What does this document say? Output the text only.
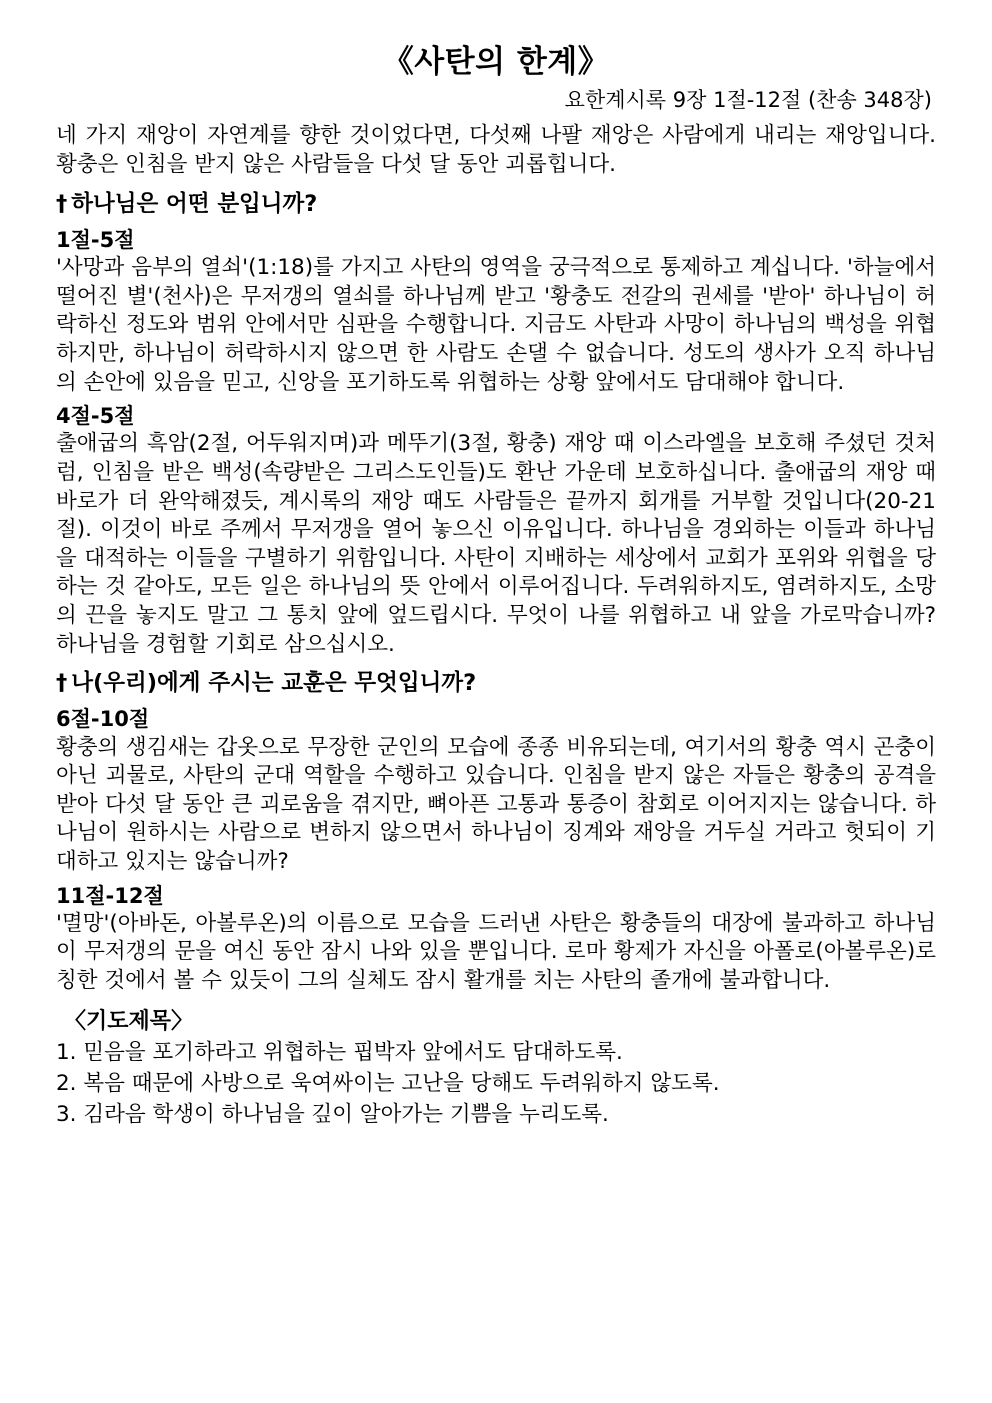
《사탄의 한계》
요한계시록 9장 1절-12절 (찬송 348장)

네 가지 재앙이 자연계를 향한 것이었다면, 다섯째 나팔 재앙은 사람에게 내리는 재앙입니다. 황충은 인침을 받지 않은 사람들을 다섯 달 동안 괴롭힙니다.

† 하나님은 어떤 분입니까?
1절-5절

'사망과 음부의 열쇠'(1:18)를 가지고 사탄의 영역을 궁극적으로 통제하고 계십니다. '하늘에서 떨어진 별'(천사)은 무저갱의 열쇠를 하나님께 받고 '황충도 전갈의 권세를 '받아' 하나님이 허락하신 정도와 범위 안에서만 심판을 수행합니다. 지금도 사탄과 사망이 하나님의 백성을 위협하지만, 하나님이 허락하시지 않으면 한 사람도 손댈 수 없습니다. 성도의 생사가 오직 하나님의 손안에 있음을 믿고, 신앙을 포기하도록 위협하는 상황 앞에서도 담대해야 합니다.

4절-5절

출애굽의 흑암(2절, 어두워지며)과 메뚜기(3절, 황충) 재앙 때 이스라엘을 보호해 주셨던 것처럼, 인침을 받은 백성(속량받은 그리스도인들)도 환난 가운데 보호하십니다. 출애굽의 재앙 때 바로가 더 완악해졌듯, 계시록의 재앙 때도 사람들은 끝까지 회개를 거부할 것입니다(20-21절). 이것이 바로 주께서 무저갱을 열어 놓으신 이유입니다. 하나님을 경외하는 이들과 하나님을 대적하는 이들을 구별하기 위함입니다. 사탄이 지배하는 세상에서 교회가 포위와 위협을 당하는 것 같아도, 모든 일은 하나님의 뜻 안에서 이루어집니다. 두려워하지도, 염려하지도, 소망의 끈을 놓지도 말고 그 통치 앞에 엎드립시다. 무엇이 나를 위협하고 내 앞을 가로막습니까? 하나님을 경험할 기회로 삼으십시오.

† 나(우리)에게 주시는 교훈은 무엇입니까?
6절-10절

황충의 생김새는 갑옷으로 무장한 군인의 모습에 종종 비유되는데, 여기서의 황충 역시 곤충이 아닌 괴물로, 사탄의 군대 역할을 수행하고 있습니다. 인침을 받지 않은 자들은 황충의 공격을 받아 다섯 달 동안 큰 괴로움을 겪지만, 뼈아픈 고통과 통증이 참회로 이어지지는 않습니다. 하나님이 원하시는 사람으로 변하지 않으면서 하나님이 징계와 재앙을 거두실 거라고 헛되이 기대하고 있지는 않습니까?

11절-12절

'멸망'(아바돈, 아볼루온)의 이름으로 모습을 드러낸 사탄은 황충들의 대장에 불과하고 하나님이 무저갱의 문을 여신 동안 잠시 나와 있을 뿐입니다. 로마 황제가 자신을 아폴로(아볼루온)로 칭한 것에서 볼 수 있듯이 그의 실체도 잠시 활개를 치는 사탄의 졸개에 불과합니다.

〈기도제목〉
1. 믿음을 포기하라고 위협하는 핍박자 앞에서도 담대하도록.
2. 복음 때문에 사방으로 욱여싸이는 고난을 당해도 두려워하지 않도록.
3. 김라음 학생이 하나님을 깊이 알아가는 기쁨을 누리도록.
